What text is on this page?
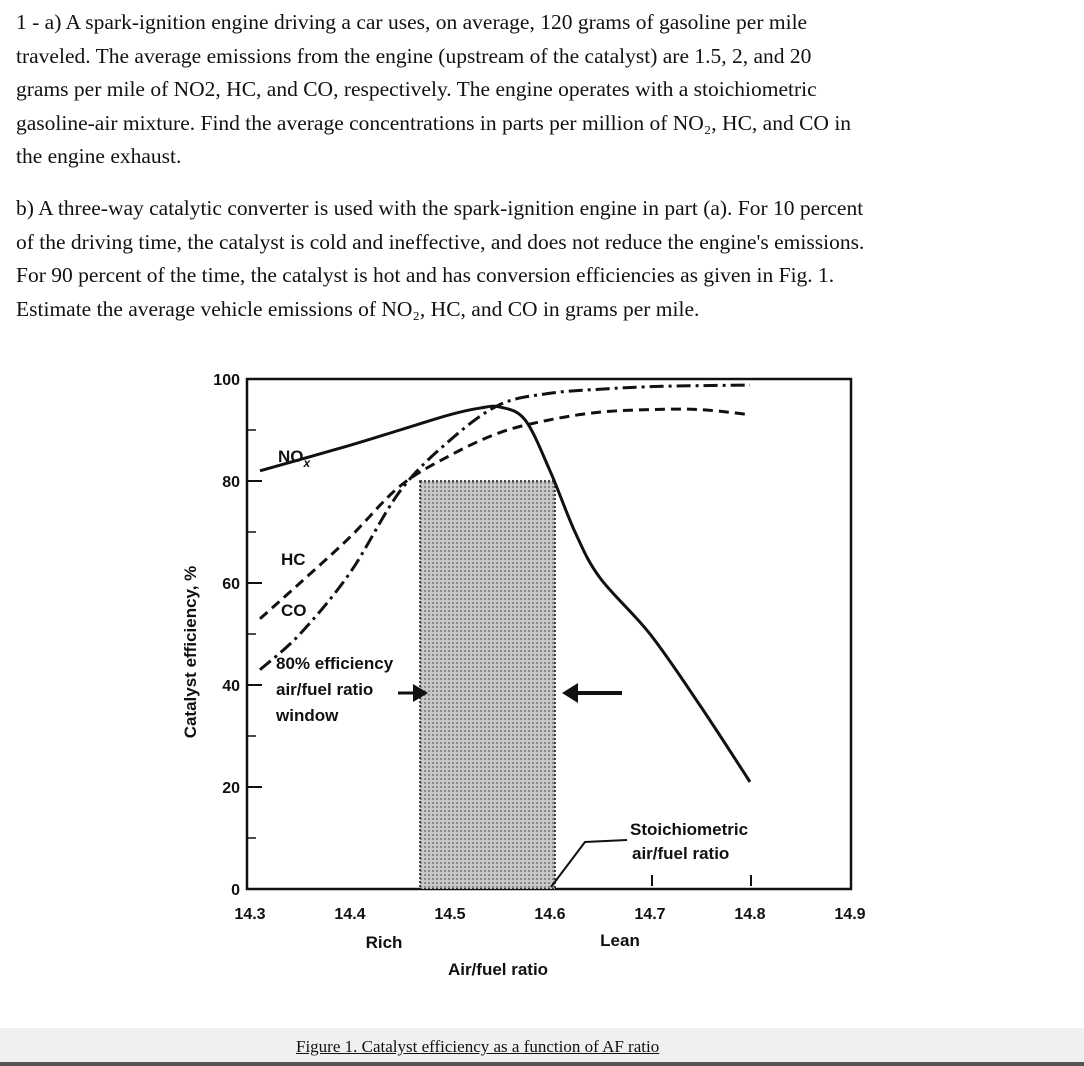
1 - a) A spark-ignition engine driving a car uses, on average, 120 grams of gasoline per mile
traveled. The average emissions from the engine (upstream of the catalyst) are 1.5, 2, and 20
grams per mile of NO2, HC, and CO, respectively. The engine operates with a stoichiometric
gasoline-air mixture. Find the average concentrations in parts per million of NO₂, HC, and CO in
the engine exhaust.
b) A three-way catalytic converter is used with the spark-ignition engine in part (a). For 10 percent
of the driving time, the catalyst is cold and ineffective, and does not reduce the engine's emissions.
For 90 percent of the time, the catalyst is hot and has conversion efficiencies as given in Fig. 1.
Estimate the average vehicle emissions of NO₂, HC, and CO in grams per mile.
0
20
40
60
80
100
14.3	14.4	14.5	14.6	14.7	14.8	14.9
Catalyst efficiency, %
Air/fuel ratio
Rich	Lean
$NO_x$
HC
CO
80% efficiency
air/fuel ratio
window
Stoichiometric
air/fuel ratio
Figure 1. Catalyst efficiency as a function of AF ratio
